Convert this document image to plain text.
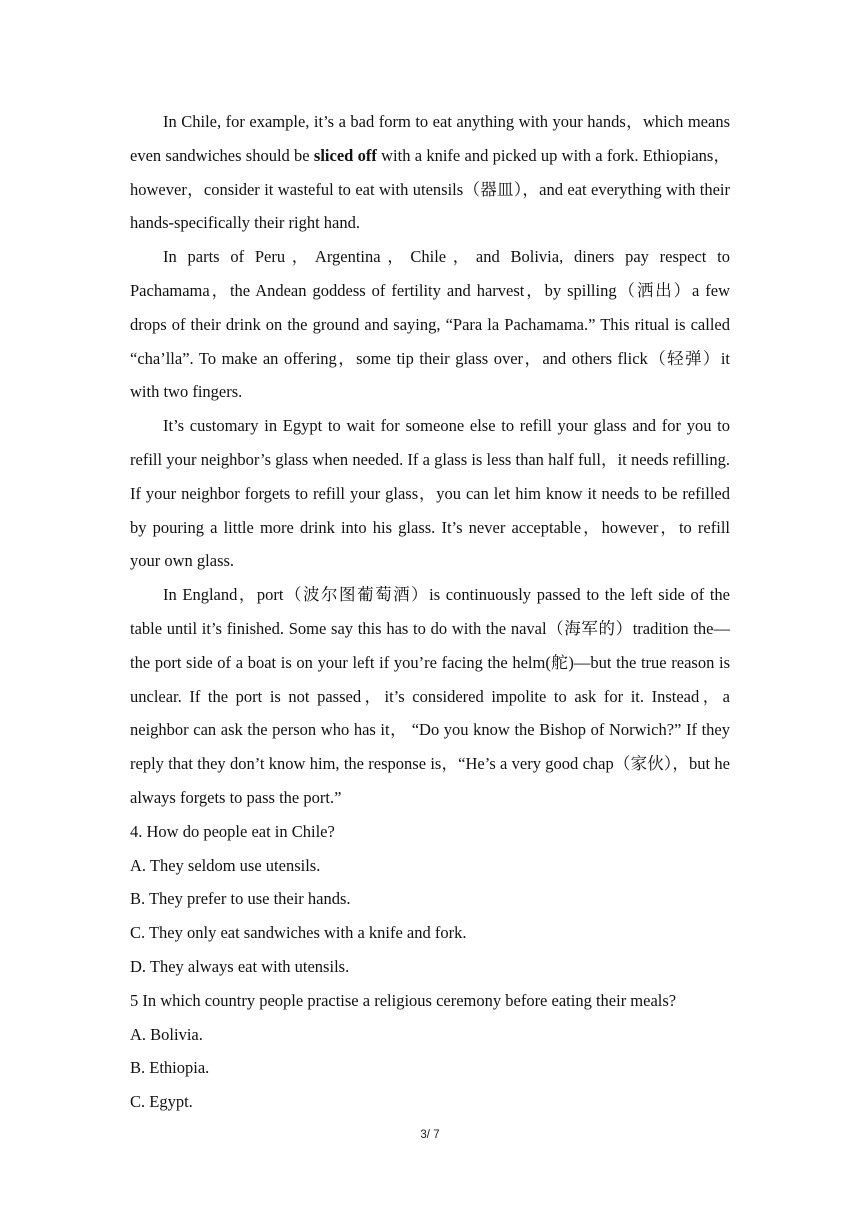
In Chile, for example, it’s a bad form to eat anything with your hands，which means even sandwiches should be sliced off with a knife and picked up with a fork. Ethiopians，however，consider it wasteful to eat with utensils（器皿），and eat everything with their hands-specifically their right hand.

In parts of Peru，Argentina，Chile，and Bolivia, diners pay respect to Pachamama，the Andean goddess of fertility and harvest，by spilling（洒出）a few drops of their drink on the ground and saying, “Para la Pachamama.” This ritual is called “cha’lla”. To make an offering，some tip their glass over，and others flick（轻弹）it with two fingers.

It’s customary in Egypt to wait for someone else to refill your glass and for you to refill your neighbor’s glass when needed. If a glass is less than half full，it needs refilling. If your neighbor forgets to refill your glass，you can let him know it needs to be refilled by pouring a little more drink into his glass. It’s never acceptable，however，to refill your own glass.

In England，port（波尔图葡萄酒）is continuously passed to the left side of the table until it’s finished. Some say this has to do with the naval（海军的）tradition the—the port side of a boat is on your left if you’re facing the helm(舵)—but the true reason is unclear. If the port is not passed，it’s considered impolite to ask for it. Instead，a neighbor can ask the person who has it， “Do you know the Bishop of Norwich?” If they reply that they don’t know him, the response is，“He’s a very good chap（家伙），but he always forgets to pass the port.”

4. How do people eat in Chile?

A. They seldom use utensils.

B. They prefer to use their hands.

C. They only eat sandwiches with a knife and fork.

D. They always eat with utensils.

5 In which country people practise a religious ceremony before eating their meals?

A. Bolivia.

B. Ethiopia.

C. Egypt.

3/ 7
